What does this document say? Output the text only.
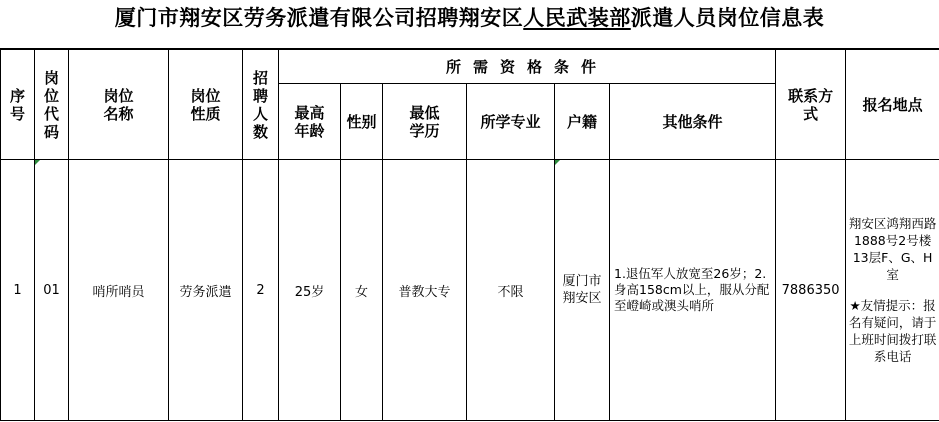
厦门市翔安区劳务派遣有限公司招聘翔安区人民武装部派遣人员岗位信息表
序号	岗位代码	岗位名称	岗位性质	招聘人数	所需资格条件						联系方式	报名地点

					最高年龄	性别	最低学历	所学专业	户籍	其他条件		
1	01	哨所哨员	劳务派遣	2	25岁	女	普教大专	不限	厦门市翔安区	1.退伍军人放宽至26岁；2.身高158cm以上，服从分配至嶝崎或澳头哨所	7886350	翔安区鸿翔西路1888号2号楼13层F、G、H室
★友情提示：报名有疑问，请于上班时间拨打联系电话
